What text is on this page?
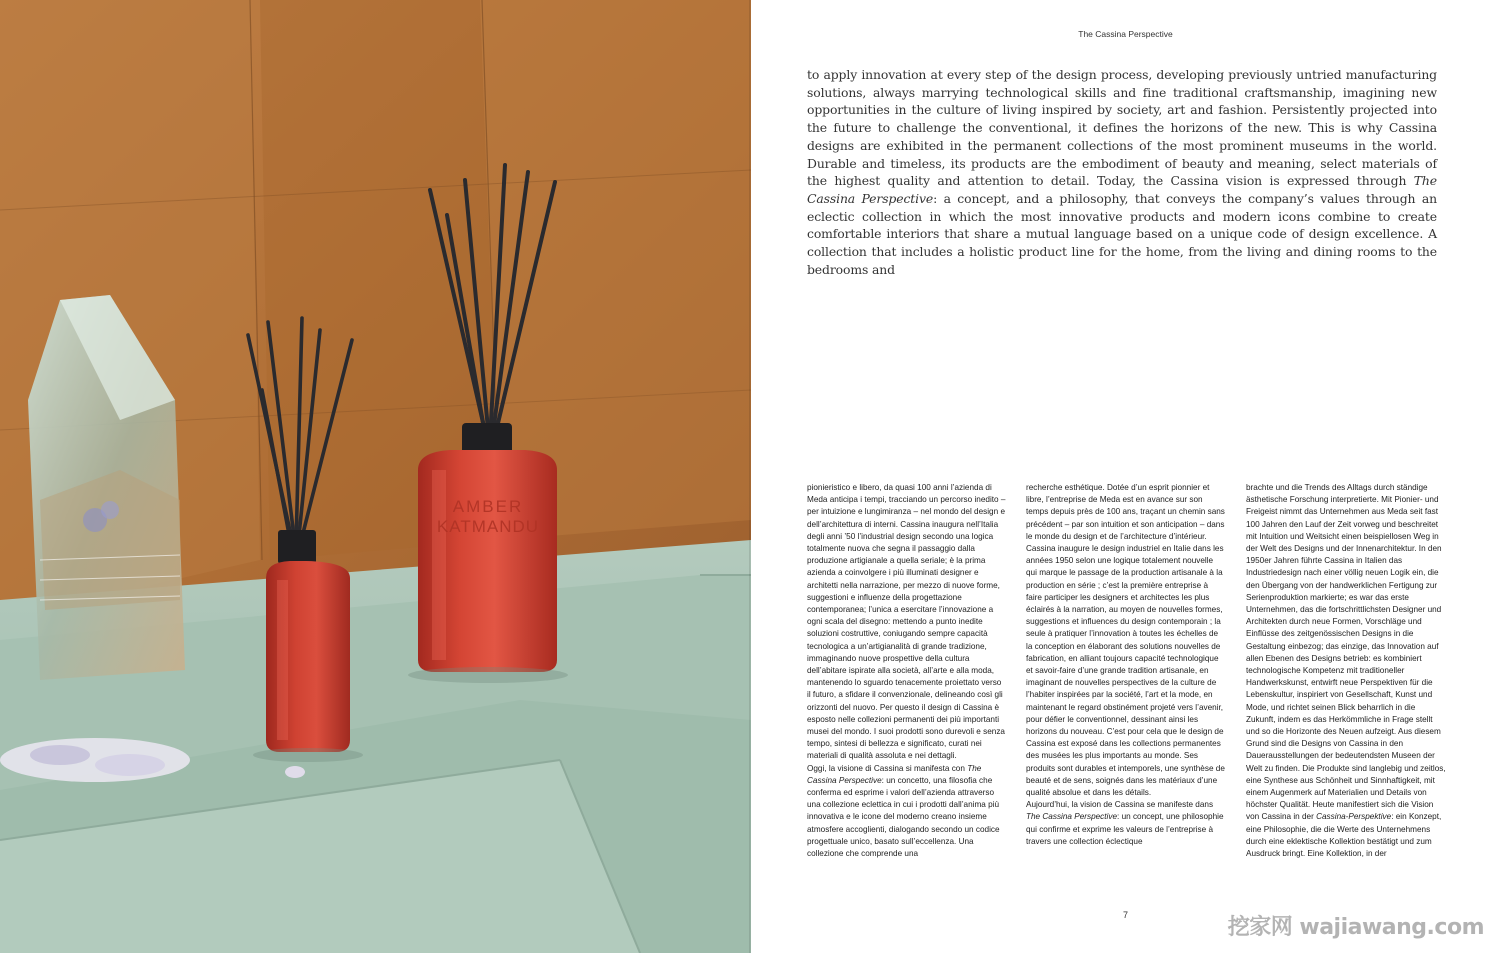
AMBER
KATMANDU
The Cassina Perspective
to apply innovation at every step of the design process, developing previously untried manufacturing solutions, always marrying technological skills and fine traditional craftsmanship, imagining new opportunities in the culture of living inspired by society, art and fashion. Persistently projected into the future to challenge the conventional, it defines the horizons of the new. This is why Cassina designs are exhibited in the permanent collections of the most prominent museums in the world. Durable and timeless, its products are the embodiment of beauty and meaning, select materials of the highest quality and attention to detail. Today, the Cassina vision is expressed through The Cassina Perspective: a concept, and a philosophy, that conveys the company’s values through an eclectic collection in which the most innovative products and modern icons combine to create comfortable interiors that share a mutual language based on a unique code of design excellence. A collection that includes a holistic product line for the home, from the living and dining rooms to the bedrooms and

pionieristico e libero, da quasi 100 anni l’azienda di Meda anticipa i tempi, tracciando un percorso inedito – per intuizione e lungimiranza – nel mondo del design e dell’architettura di interni. Cassina inaugura nell’Italia degli anni ’50 l’industrial design secondo una logica totalmente nuova che segna il passaggio dalla produzione artigianale a quella seriale; è la prima azienda a coinvolgere i più illuminati designer e architetti nella narrazione, per mezzo di nuove forme, suggestioni e influenze della progettazione contemporanea; l’unica a esercitare l’innovazione a ogni scala del disegno: mettendo a punto inedite soluzioni costruttive, coniugando sempre capacità tecnologica a un’artigianalità di grande tradizione, immaginando nuove prospettive della cultura dell’abitare ispirate alla società, all’arte e alla moda, mantenendo lo sguardo tenacemente proiettato verso il futuro, a sfidare il convenzionale, delineando così gli orizzonti del nuovo. Per questo il design di Cassina è esposto nelle collezioni permanenti dei più importanti musei del mondo. I suoi prodotti sono durevoli e senza tempo, sintesi di bellezza e significato, curati nei materiali di qualità assoluta e nei dettagli.

Oggi, la visione di Cassina si manifesta con The Cassina Perspective: un concetto, una filosofia che conferma ed esprime i valori dell’azienda attraverso una collezione eclettica in cui i prodotti dall’anima più innovativa e le icone del moderno creano insieme atmosfere accoglienti, dialogando secondo un codice progettuale unico, basato sull’eccellenza. Una collezione che comprende una

recherche esthétique. Dotée d’un esprit pionnier et libre, l’entreprise de Meda est en avance sur son temps depuis près de 100 ans, traçant un chemin sans précédent – par son intuition et son anticipation – dans le monde du design et de l’architecture d’intérieur. Cassina inaugure le design industriel en Italie dans les années 1950 selon une logique totalement nouvelle qui marque le passage de la production artisanale à la production en série ; c’est la première entreprise à faire participer les designers et architectes les plus éclairés à la narration, au moyen de nouvelles formes, suggestions et influences du design contemporain ; la seule à pratiquer l’innovation à toutes les échelles de la conception en élaborant des solutions nouvelles de fabrication, en alliant toujours capacité technologique et savoir-faire d’une grande tradition artisanale, en imaginant de nouvelles perspectives de la culture de l’habiter inspirées par la société, l’art et la mode, en maintenant le regard obstinément projeté vers l’avenir, pour défier le conventionnel, dessinant ainsi les horizons du nouveau. C’est pour cela que le design de Cassina est exposé dans les collections permanentes des musées les plus importants au monde. Ses produits sont durables et intemporels, une synthèse de beauté et de sens, soignés dans les matériaux d’une qualité absolue et dans les détails.

Aujourd’hui, la vision de Cassina se manifeste dans The Cassina Perspective: un concept, une philosophie qui confirme et exprime les valeurs de l’entreprise à travers une collection éclectique

brachte und die Trends des Alltags durch ständige ästhetische Forschung interpretierte. Mit Pionier- und Freigeist nimmt das Unternehmen aus Meda seit fast 100 Jahren den Lauf der Zeit vorweg und beschreitet mit Intuition und Weitsicht einen beispiellosen Weg in der Welt des Designs und der Innenarchitektur. In den 1950er Jahren führte Cassina in Italien das Industriedesign nach einer völlig neuen Logik ein, die den Übergang von der handwerklichen Fertigung zur Serienproduktion markierte; es war das erste Unternehmen, das die fortschrittlichsten Designer und Architekten durch neue Formen, Vorschläge und Einflüsse des zeitgenössischen Designs in die Gestaltung einbezog; das einzige, das Innovation auf allen Ebenen des Designs betrieb: es kombiniert technologische Kompetenz mit traditioneller Handwerkskunst, entwirft neue Perspektiven für die Lebenskultur, inspiriert von Gesellschaft, Kunst und Mode, und richtet seinen Blick beharrlich in die Zukunft, indem es das Herkömmliche in Frage stellt und so die Horizonte des Neuen aufzeigt. Aus diesem Grund sind die Designs von Cassina in den Dauerausstellungen der bedeutendsten Museen der Welt zu finden. Die Produkte sind langlebig und zeitlos, eine Synthese aus Schönheit und Sinnhaftigkeit, mit einem Augenmerk auf Materialien und Details von höchster Qualität. Heute manifestiert sich die Vision von Cassina in der Cassina-Perspektive: ein Konzept, eine Philosophie, die die Werte des Unternehmens durch eine eklektische Kollektion bestätigt und zum Ausdruck bringt. Eine Kollektion, in der

7	挖家网 wajiawang.com
